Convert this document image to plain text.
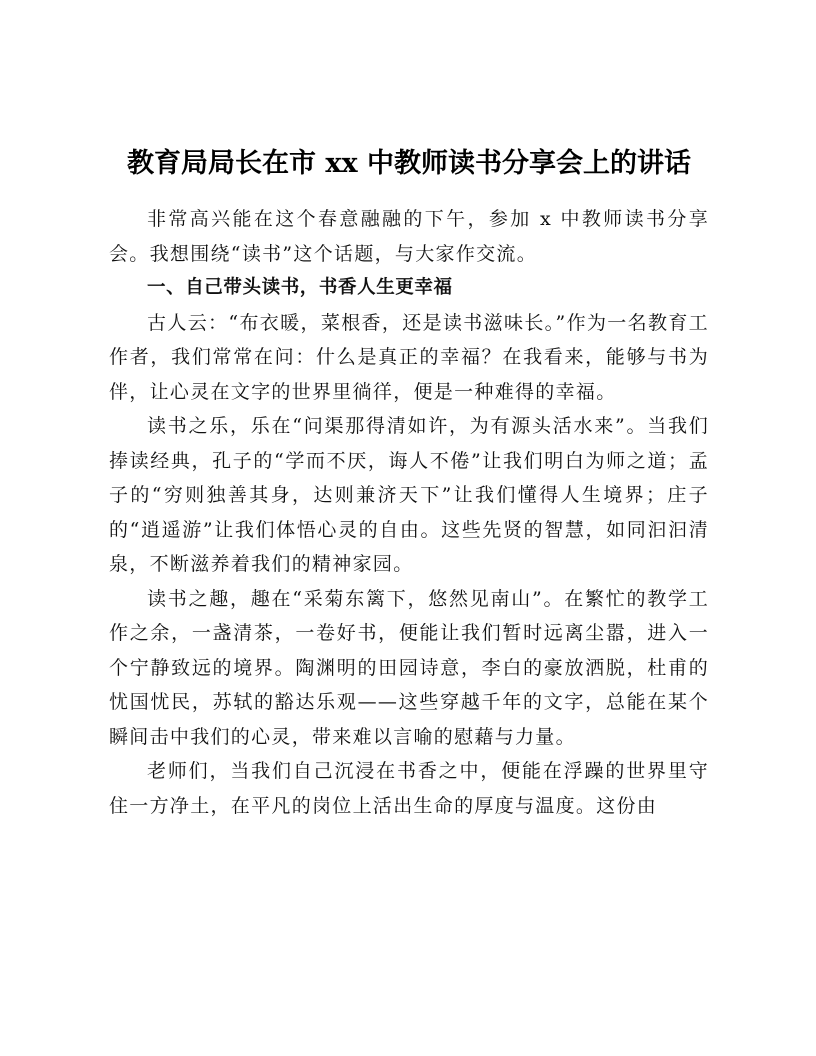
教育局局长在市 xx 中教师读书分享会上的讲话

非常高兴能在这个春意融融的下午，参加 x 中教师读书分享会。我想围绕“读书”这个话题，与大家作交流。

一、自己带头读书，书香人生更幸福

古人云：“布衣暖，菜根香，还是读书滋味长。”作为一名教育工作者，我们常常在问：什么是真正的幸福？在我看来，能够与书为伴，让心灵在文字的世界里徜徉，便是一种难得的幸福。

读书之乐，乐在“问渠那得清如许，为有源头活水来”。当我们捧读经典，孔子的“学而不厌，诲人不倦”让我们明白为师之道；孟子的“穷则独善其身，达则兼济天下”让我们懂得人生境界；庄子的“逍遥游”让我们体悟心灵的自由。这些先贤的智慧，如同汩汩清泉，不断滋养着我们的精神家园。

读书之趣，趣在“采菊东篱下，悠然见南山”。在繁忙的教学工作之余，一盏清茶，一卷好书，便能让我们暂时远离尘嚣，进入一个宁静致远的境界。陶渊明的田园诗意，李白的豪放洒脱，杜甫的忧国忧民，苏轼的豁达乐观——这些穿越千年的文字，总能在某个瞬间击中我们的心灵，带来难以言喻的慰藉与力量。

老师们，当我们自己沉浸在书香之中，便能在浮躁的世界里守住一方净土，在平凡的岗位上活出生命的厚度与温度。这份由
